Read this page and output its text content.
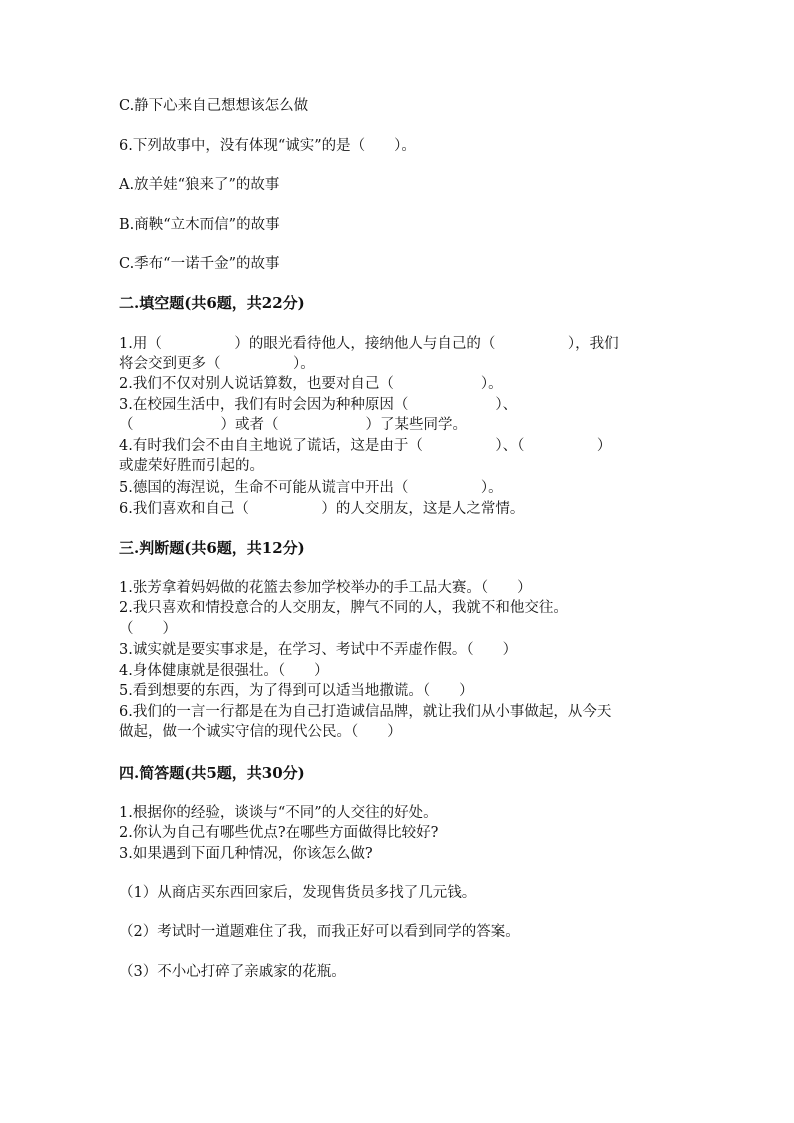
C.静下心来自己想想该怎么做
6.下列故事中，没有体现“诚实”的是（　　）。
A.放羊娃“狼来了”的故事
B.商鞅“立木而信”的故事
C.季布“一诺千金”的故事
二.填空题(共6题，共22分)
1.用（　　　　　）的眼光看待他人，接纳他人与自己的（　　　　　），我们
将会交到更多（　　　　　）。
2.我们不仅对别人说话算数，也要对自己（　　　　　　）。
3.在校园生活中，我们有时会因为种种原因（　　　　　　）、
（　　　　　　）或者（　　　　　　）了某些同学。
4.有时我们会不由自主地说了谎话，这是由于（　　　　　）、（　　　　　）
或虚荣好胜而引起的。
5.德国的海涅说，生命不可能从谎言中开出（　　　　　）。
6.我们喜欢和自己（　　　　　）的人交朋友，这是人之常情。
三.判断题(共6题，共12分)
1.张芳拿着妈妈做的花篮去参加学校举办的手工品大赛。（　　）
2.我只喜欢和情投意合的人交朋友，脾气不同的人，我就不和他交往。
（　　）
3.诚实就是要实事求是，在学习、考试中不弄虚作假。（　　）
4.身体健康就是很强壮。（　　）
5.看到想要的东西，为了得到可以适当地撒谎。（　　）
6.我们的一言一行都是在为自己打造诚信品牌，就让我们从小事做起，从今天
做起，做一个诚实守信的现代公民。（　　）
四.简答题(共5题，共30分)
1.根据你的经验，谈谈与“不同”的人交往的好处。
2.你认为自己有哪些优点?在哪些方面做得比较好?
3.如果遇到下面几种情况，你该怎么做?
（1）从商店买东西回家后，发现售货员多找了几元钱。
（2）考试时一道题难住了我，而我正好可以看到同学的答案。
（3）不小心打碎了亲戚家的花瓶。
